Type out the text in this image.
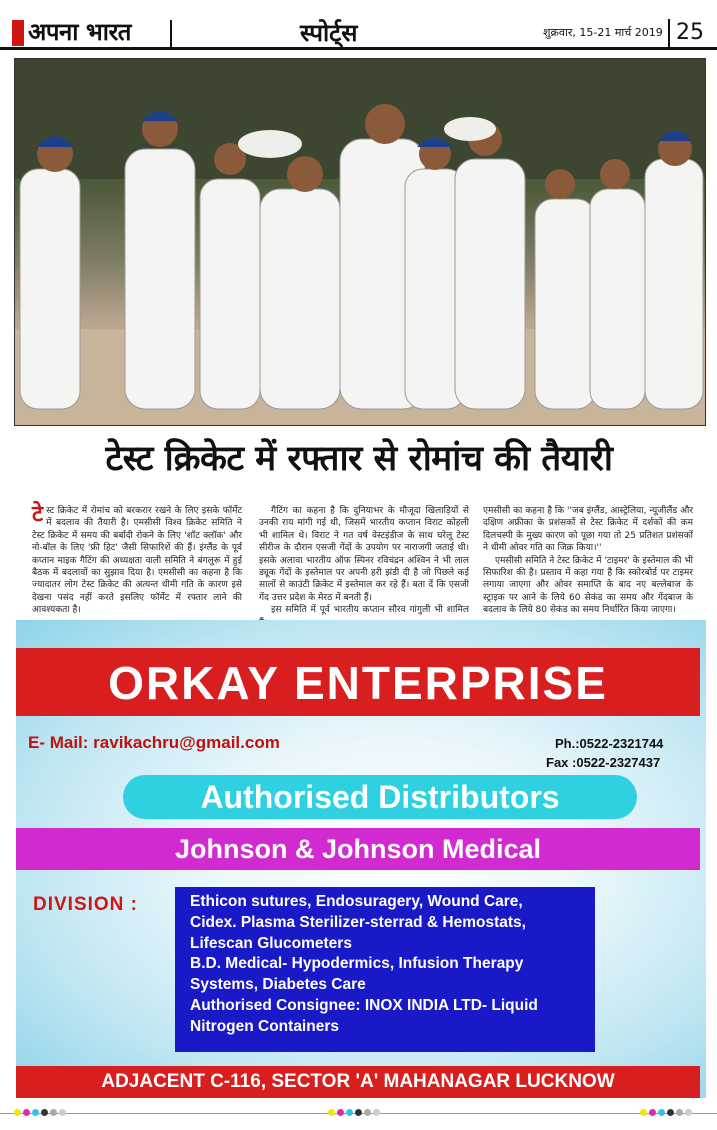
अपना भारत	स्पोर्ट्स	शुक्रवार, 15-21 मार्च 2019 25
टेस्ट क्रिकेट में रफ्तार से रोमांच की तैयारी

टेस्ट क्रिकेट में रोमांच को बरकरार रखने के लिए इसके फॉर्मेट में बदलाव की तैयारी है। एमसीसी विश्व क्रिकेट समिति ने टेस्ट क्रिकेट में समय की बर्बादी रोकने के लिए 'शॉट क्लॉक' और नो-बॉल के लिए 'फ्री हिट' जैसी सिफारिशें की हैं। इंग्लैंड के पूर्व कप्तान माइक गैटिंग की अध्यक्षता वाली समिति ने बंगलुरू में हुई बैठक में बदलावों का सुझाव दिया है। एमसीसी का कहना है कि ज्यादातर लोग टेस्ट क्रिकेट की अत्यन्त धीमी गति के कारण इसे देखना पसंद नहीं करते इसलिए फॉर्मेट में रफ्तार लाने की आवश्यकता है।

गैटिंग का कहना है कि दुनियाभर के मौजूदा खिलाड़ियों से उनकी राय मांगी गई थी, जिसमें भारतीय कप्तान विराट कोहली भी शामिल थे। विराट ने गत वर्ष वेस्टइंडीज के साथ घरेलू टेस्ट सीरीज के दौरान एसजी गेंदों के उपयोग पर नाराजगी जताई थी। इसके अलावा भारतीय ऑफ स्पिनर रविचंद्रन अश्विन ने भी लाल ड्यूक गेंदों के इस्तेमाल पर अपनी हरी झंडी दी है जो पिछले कई सालों से काउंटी क्रिकेट में इस्तेमाल कर रहे हैं। बता दें कि एसजी गेंद उत्तर प्रदेश के मेरठ में बनती हैं।

इस समिति में पूर्व भारतीय कप्तान सौरव गांगुली भी शामिल

एमसीसी का कहना है कि ''जब इंग्लैंड, आस्ट्रेलिया, न्यूजीलैंड और दक्षिण अफ्रीका के प्रशंसकों से टेस्ट क्रिकेट में दर्शकों की कम दिलचस्पी के मुख्य कारण को पूछा गया तो 25 प्रतिशत प्रशंसकों ने धीमी ओवर गति का जिक्र किया।''

एमसीसी समिति ने टेस्ट क्रिकेट में 'टाइमर' के इस्तेमाल की भी सिफारिश की है। प्रस्ताव में कहा गया है कि स्कोरबोर्ड पर टाइमर लगाया जाएगा और ओवर समाप्ति के बाद नए बल्लेबाज के स्ट्राइक पर आने के लिये 60 सेकंड का समय और गेंदबाज के बदलाव के लिये 80 सेकंड का समय निर्धारित किया जाएगा।

ORKAY ENTERPRISE
E- Mail: ravikachru@gmail.com	Ph.:0522-2321744
Fax :0522-2327437
Authorised Distributors
Johnson & Johnson Medical
DIVISION :	Ethicon sutures, Endosuragery, Wound Care,
Cidex. Plasma Sterilizer-sterrad & Hemostats,
Lifescan Glucometers
B.D. Medical- Hypodermics, Infusion Therapy
Systems, Diabetes Care
Authorised Consignee: INOX INDIA LTD- Liquid
Nitrogen Containers
ADJACENT C-116, SECTOR 'A' MAHANAGAR LUCKNOW
